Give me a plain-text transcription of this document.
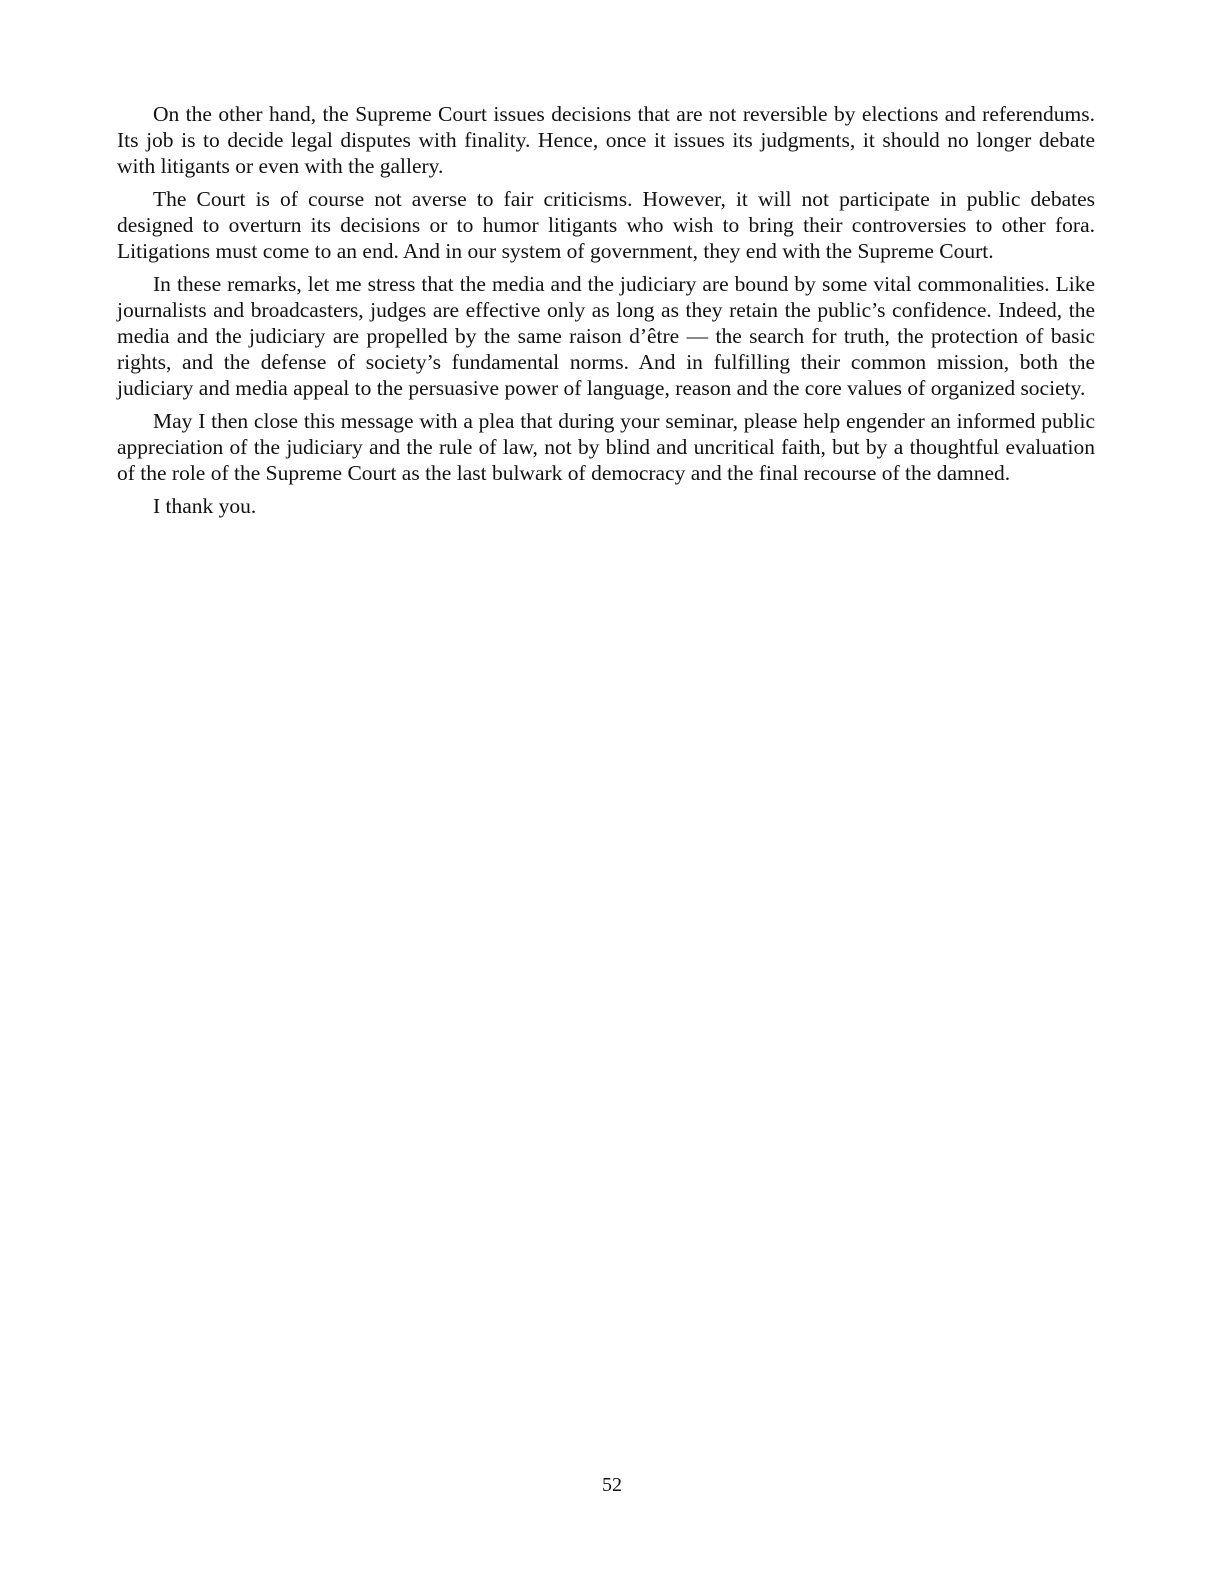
On the other hand, the Supreme Court issues decisions that are not reversible by elections and referendums. Its job is to decide legal disputes with finality. Hence, once it issues its judgments, it should no longer debate with litigants or even with the gallery.

The Court is of course not averse to fair criticisms. However, it will not participate in public debates designed to overturn its decisions or to humor litigants who wish to bring their controversies to other fora. Litigations must come to an end. And in our system of government, they end with the Supreme Court.

In these remarks, let me stress that the media and the judiciary are bound by some vital commonalities. Like journalists and broadcasters, judges are effective only as long as they retain the public’s confidence. Indeed, the media and the judiciary are propelled by the same raison d’être — the search for truth, the protection of basic rights, and the defense of society’s fundamental norms. And in fulfilling their common mission, both the judiciary and media appeal to the persuasive power of language, reason and the core values of organized society.

May I then close this message with a plea that during your seminar, please help engender an informed public appreciation of the judiciary and the rule of law, not by blind and uncritical faith, but by a thoughtful evaluation of the role of the Supreme Court as the last bulwark of democracy and the final recourse of the damned.

I thank you.

52
